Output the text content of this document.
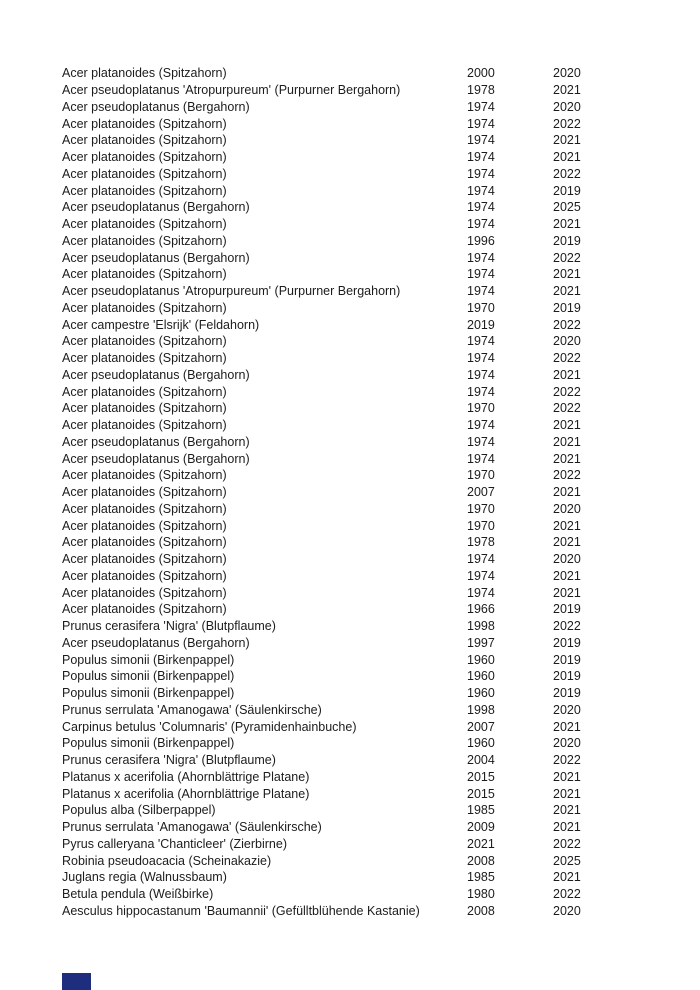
Acer platanoides (Spitzahorn)	2000	2020
Acer pseudoplatanus 'Atropurpureum' (Purpurner Bergahorn)	1978	2021
Acer pseudoplatanus (Bergahorn)	1974	2020
Acer platanoides (Spitzahorn)	1974	2022
Acer platanoides (Spitzahorn)	1974	2021
Acer platanoides (Spitzahorn)	1974	2021
Acer platanoides (Spitzahorn)	1974	2022
Acer platanoides (Spitzahorn)	1974	2019
Acer pseudoplatanus (Bergahorn)	1974	2025
Acer platanoides (Spitzahorn)	1974	2021
Acer platanoides (Spitzahorn)	1996	2019
Acer pseudoplatanus (Bergahorn)	1974	2022
Acer platanoides (Spitzahorn)	1974	2021
Acer pseudoplatanus 'Atropurpureum' (Purpurner Bergahorn)	1974	2021
Acer platanoides (Spitzahorn)	1970	2019
Acer campestre 'Elsrijk' (Feldahorn)	2019	2022
Acer platanoides (Spitzahorn)	1974	2020
Acer platanoides (Spitzahorn)	1974	2022
Acer pseudoplatanus (Bergahorn)	1974	2021
Acer platanoides (Spitzahorn)	1974	2022
Acer platanoides (Spitzahorn)	1970	2022
Acer platanoides (Spitzahorn)	1974	2021
Acer pseudoplatanus (Bergahorn)	1974	2021
Acer pseudoplatanus (Bergahorn)	1974	2021
Acer platanoides (Spitzahorn)	1970	2022
Acer platanoides (Spitzahorn)	2007	2021
Acer platanoides (Spitzahorn)	1970	2020
Acer platanoides (Spitzahorn)	1970	2021
Acer platanoides (Spitzahorn)	1978	2021
Acer platanoides (Spitzahorn)	1974	2020
Acer platanoides (Spitzahorn)	1974	2021
Acer platanoides (Spitzahorn)	1974	2021
Acer platanoides (Spitzahorn)	1966	2019
Prunus cerasifera 'Nigra' (Blutpflaume)	1998	2022
Acer pseudoplatanus (Bergahorn)	1997	2019
Populus simonii (Birkenpappel)	1960	2019
Populus simonii (Birkenpappel)	1960	2019
Populus simonii (Birkenpappel)	1960	2019
Prunus serrulata 'Amanogawa' (Säulenkirsche)	1998	2020
Carpinus betulus 'Columnaris' (Pyramidenhainbuche)	2007	2021
Populus simonii (Birkenpappel)	1960	2020
Prunus cerasifera 'Nigra' (Blutpflaume)	2004	2022
Platanus x acerifolia (Ahornblättrige Platane)	2015	2021
Platanus x acerifolia (Ahornblättrige Platane)	2015	2021
Populus alba (Silberpappel)	1985	2021
Prunus serrulata 'Amanogawa' (Säulenkirsche)	2009	2021
Pyrus calleryana 'Chanticleer' (Zierbirne)	2021	2022
Robinia pseudoacacia (Scheinakazie)	2008	2025
Juglans regia (Walnussbaum)	1985	2021
Betula pendula (Weißbirke)	1980	2022
Aesculus hippocastanum 'Baumannii' (Gefülltblühende Kastanie)	2008	2020
